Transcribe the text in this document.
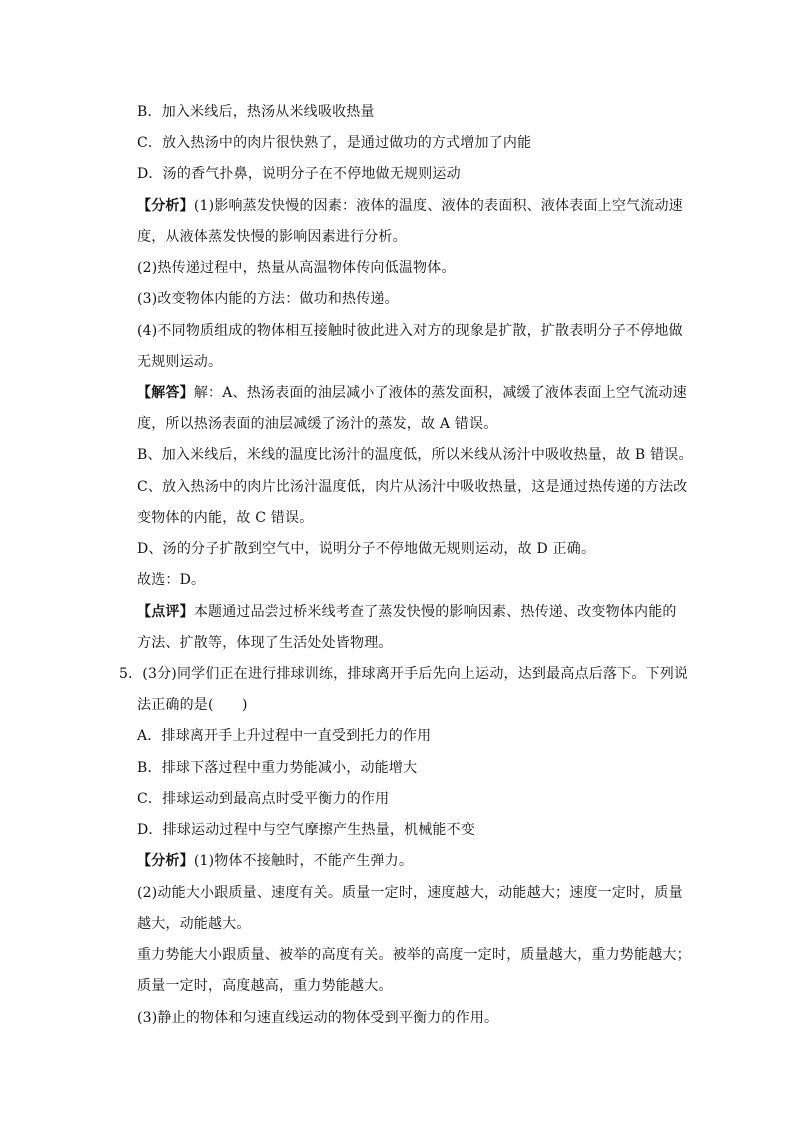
B．加入米线后，热汤从米线吸收热量
C．放入热汤中的肉片很快熟了，是通过做功的方式增加了内能
D．汤的香气扑鼻，说明分子在不停地做无规则运动
【分析】(1)影响蒸发快慢的因素：液体的温度、液体的表面积、液体表面上空气流动速
度，从液体蒸发快慢的影响因素进行分析。
(2)热传递过程中，热量从高温物体传向低温物体。
(3)改变物体内能的方法：做功和热传递。
(4)不同物质组成的物体相互接触时彼此进入对方的现象是扩散，扩散表明分子不停地做
无规则运动。
【解答】解：A、热汤表面的油层减小了液体的蒸发面积，减缓了液体表面上空气流动速
度，所以热汤表面的油层减缓了汤汁的蒸发，故 A 错误。
B、加入米线后，米线的温度比汤汁的温度低，所以米线从汤汁中吸收热量，故 B 错误。
C、放入热汤中的肉片比汤汁温度低，肉片从汤汁中吸收热量，这是通过热传递的方法改
变物体的内能，故 C 错误。
D、汤的分子扩散到空气中，说明分子不停地做无规则运动，故 D 正确。
故选：D。
【点评】本题通过品尝过桥米线考查了蒸发快慢的影响因素、热传递、改变物体内能的
方法、扩散等，体现了生活处处皆物理。
5．(3分)同学们正在进行排球训练，排球离开手后先向上运动，达到最高点后落下。下列说
法正确的是(　　)
A．排球离开手上升过程中一直受到托力的作用
B．排球下落过程中重力势能减小，动能增大
C．排球运动到最高点时受平衡力的作用
D．排球运动过程中与空气摩擦产生热量，机械能不变
【分析】(1)物体不接触时，不能产生弹力。
(2)动能大小跟质量、速度有关。质量一定时，速度越大，动能越大；速度一定时，质量
越大，动能越大。
重力势能大小跟质量、被举的高度有关。被举的高度一定时，质量越大，重力势能越大；
质量一定时，高度越高，重力势能越大。
(3)静止的物体和匀速直线运动的物体受到平衡力的作用。
